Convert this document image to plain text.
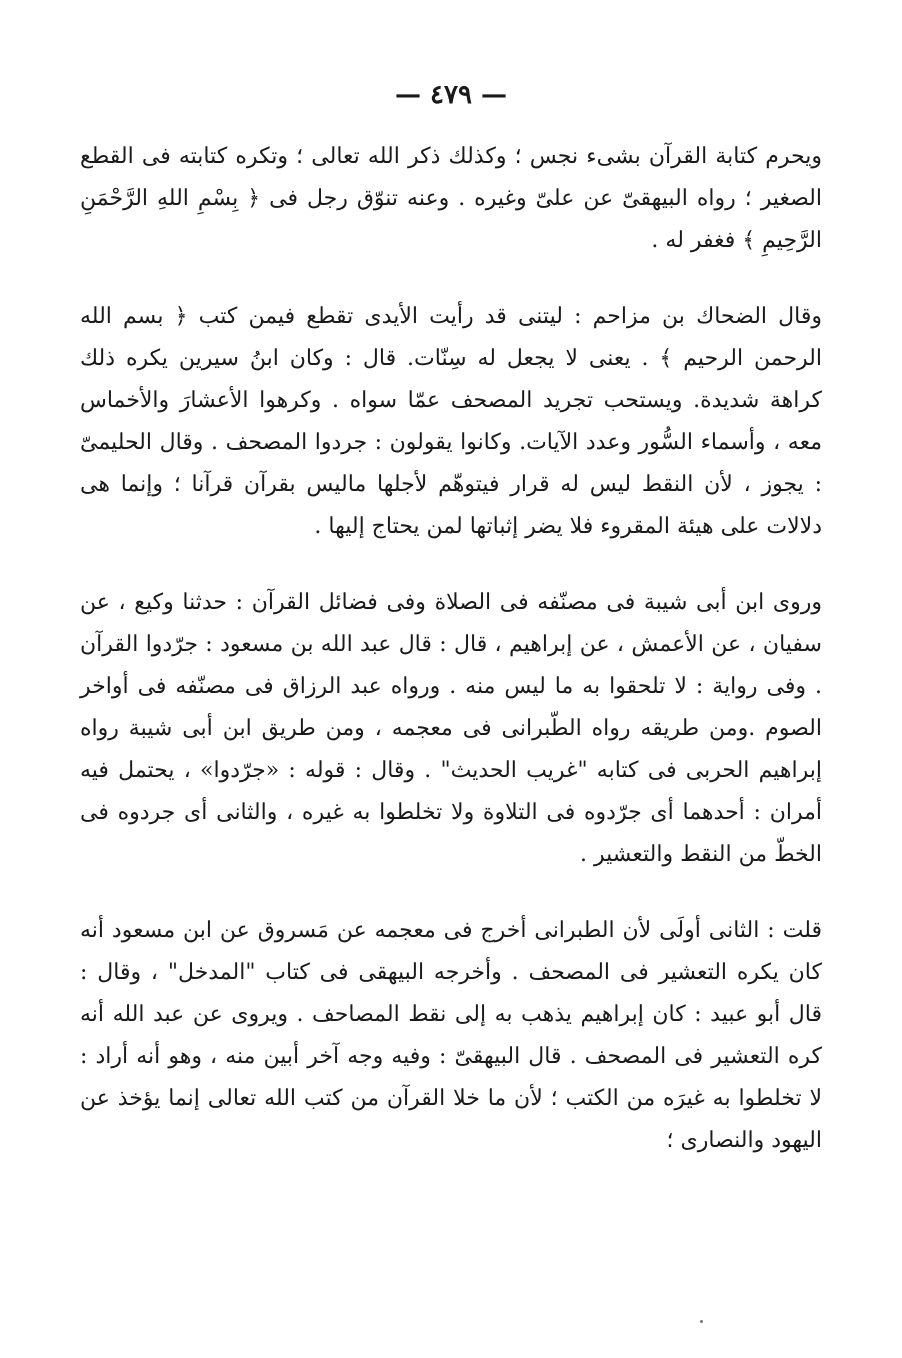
— ٤٧٩ —

ويحرم كتابة القرآن بشىء نجس ؛ وكذلك ذكر الله تعالى ؛ وتكره كتابته فى القطع الصغير ؛ رواه البيهقىّ عن علىّ وغيره . وعنه تنوّق رجل فى ﴿ بِسْمِ اللهِ الرَّحْمَنِ الرَّحِيمِ ﴾ فغفر له .

وقال الضحاك بن مزاحم : ليتنى قد رأيت الأيدى تقطع فيمن كتب ﴿ بسم الله الرحمن الرحيم ﴾ . يعنى لا يجعل له سِنّات. قال : وكان ابنُ سيرين يكره ذلك كراهة شديدة. ويستحب تجريد المصحف عمّا سواه . وكرهوا الأعشارَ والأخماس معه ، وأسماء السُّور وعدد الآيات. وكانوا يقولون : جردوا المصحف . وقال الحليمىّ : يجوز ، لأن النقط ليس له قرار فيتوهّم لأجلها ماليس بقرآن قرآنا ؛ وإنما هى دلالات على هيئة المقروء فلا يضر إثباتها لمن يحتاج إليها .

وروى ابن أبى شيبة فى مصنّفه فى الصلاة وفى فضائل القرآن : حدثنا وكيع ، عن سفيان ، عن الأعمش ، عن إبراهيم ، قال : قال عبد الله بن مسعود : جرّدوا القرآن . وفى رواية : لا تلحقوا به ما ليس منه . ورواه عبد الرزاق فى مصنّفه فى أواخر الصوم .ومن طريقه رواه الطّبرانى فى معجمه ، ومن طريق ابن أبى شيبة رواه إبراهيم الحربى فى كتابه "غريب الحديث" . وقال : قوله : «جرّدوا» ، يحتمل فيه أمران : أحدهما أى جرّدوه فى التلاوة ولا تخلطوا به غيره ، والثانى أى جردوه فى الخطّ من النقط والتعشير .

قلت : الثانى أولَى لأن الطبرانى أخرج فى معجمه عن مَسروق عن ابن مسعود أنه كان يكره التعشير فى المصحف . وأخرجه البيهقى فى كتاب "المدخل" ، وقال : قال أبو عبيد : كان إبراهيم يذهب به إلى نقط المصاحف . ويروى عن عبد الله أنه كره التعشير فى المصحف . قال البيهقىّ : وفيه وجه آخر أبين منه ، وهو أنه أراد : لا تخلطوا به غيرَه من الكتب ؛ لأن ما خلا القرآن من كتب الله تعالى إنما يؤخذ عن اليهود والنصارى ؛
